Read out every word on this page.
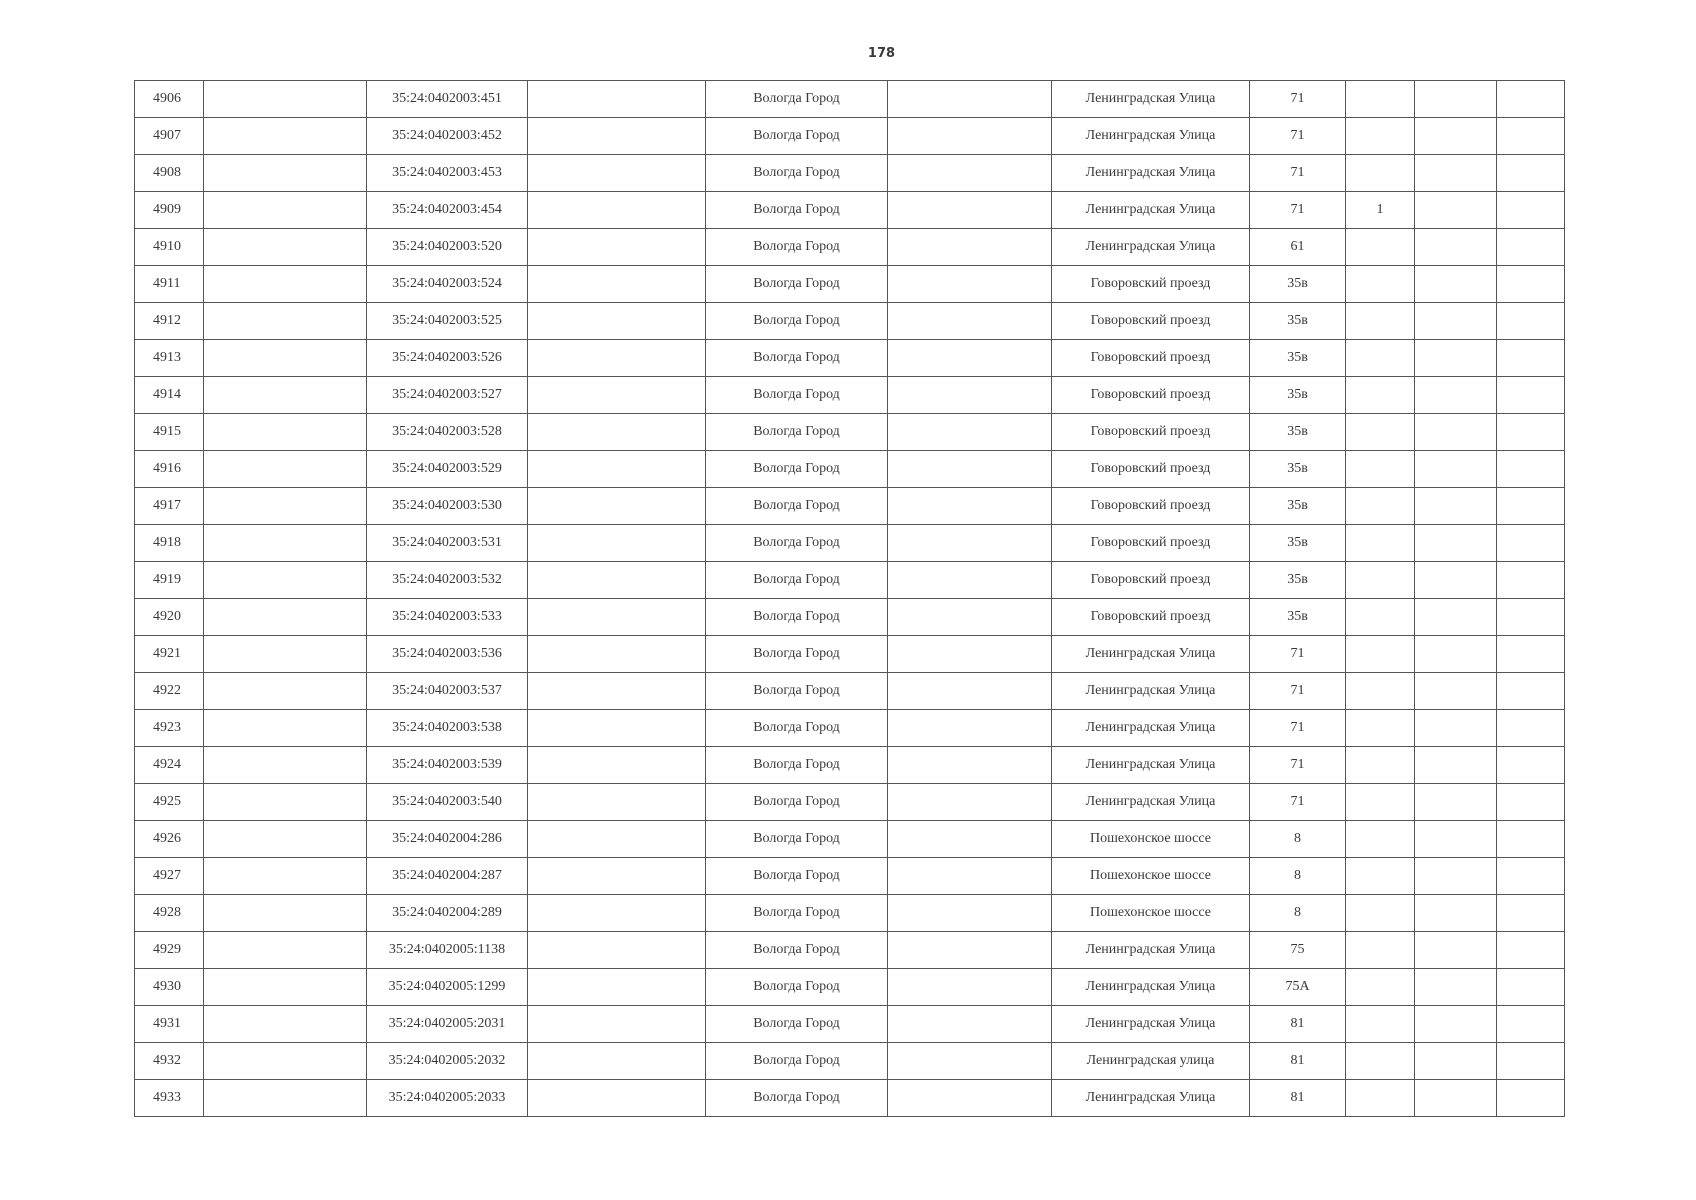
178
4906		35:24:0402003:451		Вологда Город		Ленинградская Улица	71			
4907		35:24:0402003:452		Вологда Город		Ленинградская Улица	71			
4908		35:24:0402003:453		Вологда Город		Ленинградская Улица	71			
4909		35:24:0402003:454		Вологда Город		Ленинградская Улица	71	1		
4910		35:24:0402003:520		Вологда Город		Ленинградская Улица	61			
4911		35:24:0402003:524		Вологда Город		Говоровский проезд	35в			
4912		35:24:0402003:525		Вологда Город		Говоровский проезд	35в			
4913		35:24:0402003:526		Вологда Город		Говоровский проезд	35в			
4914		35:24:0402003:527		Вологда Город		Говоровский проезд	35в			
4915		35:24:0402003:528		Вологда Город		Говоровский проезд	35в			
4916		35:24:0402003:529		Вологда Город		Говоровский проезд	35в			
4917		35:24:0402003:530		Вологда Город		Говоровский проезд	35в			
4918		35:24:0402003:531		Вологда Город		Говоровский проезд	35в			
4919		35:24:0402003:532		Вологда Город		Говоровский проезд	35в			
4920		35:24:0402003:533		Вологда Город		Говоровский проезд	35в			
4921		35:24:0402003:536		Вологда Город		Ленинградская Улица	71			
4922		35:24:0402003:537		Вологда Город		Ленинградская Улица	71			
4923		35:24:0402003:538		Вологда Город		Ленинградская Улица	71			
4924		35:24:0402003:539		Вологда Город		Ленинградская Улица	71			
4925		35:24:0402003:540		Вологда Город		Ленинградская Улица	71			
4926		35:24:0402004:286		Вологда Город		Пошехонское шоссе	8			
4927		35:24:0402004:287		Вологда Город		Пошехонское шоссе	8			
4928		35:24:0402004:289		Вологда Город		Пошехонское шоссе	8			
4929		35:24:0402005:1138		Вологда Город		Ленинградская Улица	75			
4930		35:24:0402005:1299		Вологда Город		Ленинградская Улица	75А			
4931		35:24:0402005:2031		Вологда Город		Ленинградская Улица	81			
4932		35:24:0402005:2032		Вологда Город		Ленинградская улица	81			
4933		35:24:0402005:2033		Вологда Город		Ленинградская Улица	81			
